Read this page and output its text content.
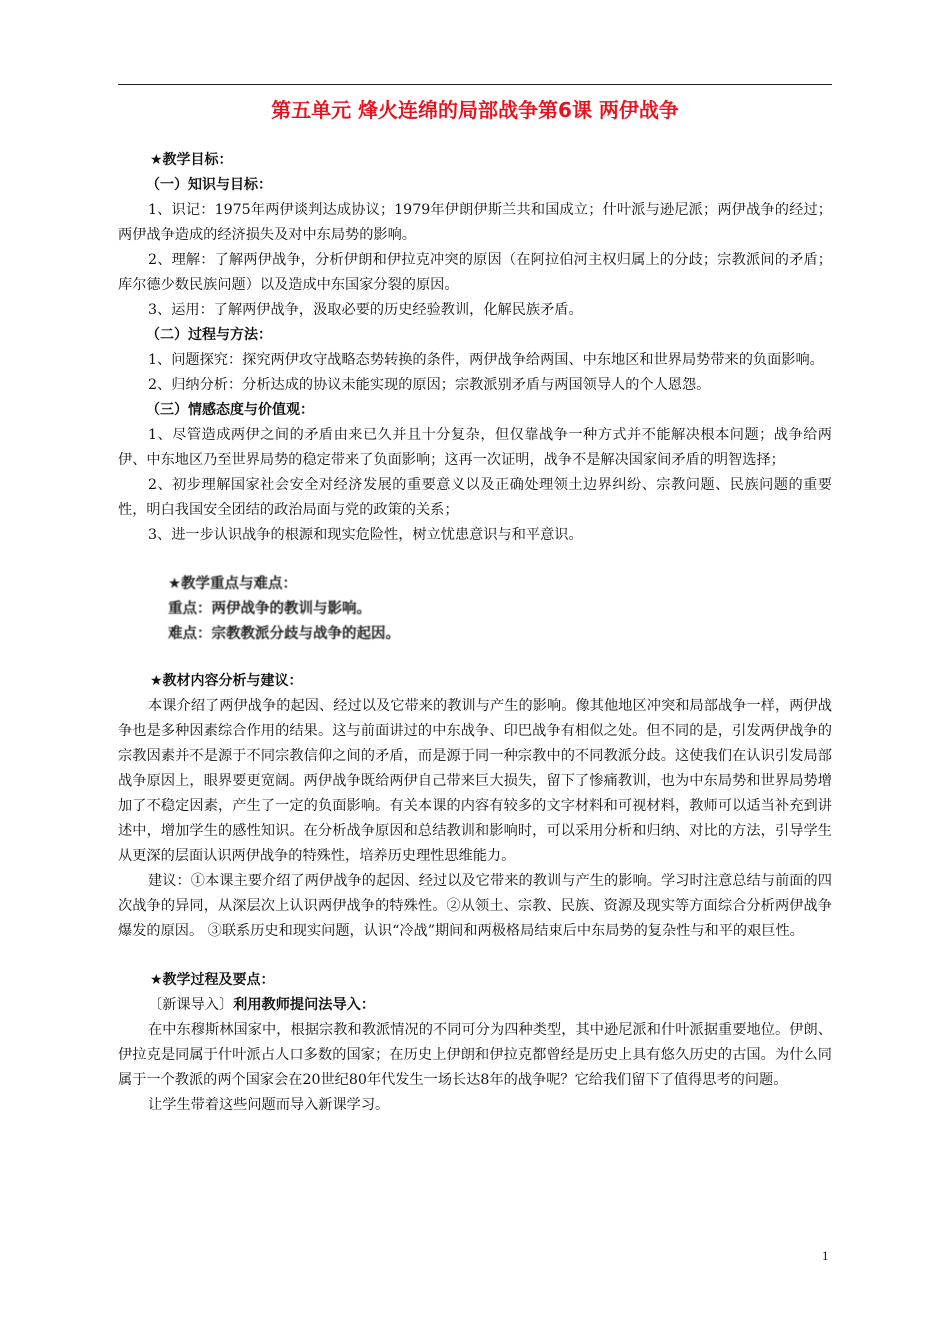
第五单元 烽火连绵的局部战争第6课 两伊战争

★教学目标：

（一）知识与目标：

1、识记：1975年两伊谈判达成协议；1979年伊朗伊斯兰共和国成立；什叶派与逊尼派；两伊战争的经过；两伊战争造成的经济损失及对中东局势的影响。

2、理解：了解两伊战争，分析伊朗和伊拉克冲突的原因（在阿拉伯河主权归属上的分歧；宗教派间的矛盾；库尔德少数民族问题）以及造成中东国家分裂的原因。

3、运用：了解两伊战争，汲取必要的历史经验教训，化解民族矛盾。

（二）过程与方法：

1、问题探究：探究两伊攻守战略态势转换的条件，两伊战争给两国、中东地区和世界局势带来的负面影响。

2、归纳分析：分析达成的协议未能实现的原因；宗教派别矛盾与两国领导人的个人恩怨。

（三）情感态度与价值观：

1、尽管造成两伊之间的矛盾由来已久并且十分复杂，但仅靠战争一种方式并不能解决根本问题；战争给两伊、中东地区乃至世界局势的稳定带来了负面影响；这再一次证明，战争不是解决国家间矛盾的明智选择；

2、初步理解国家社会安全对经济发展的重要意义以及正确处理领土边界纠纷、宗教问题、民族问题的重要性，明白我国安全团结的政治局面与党的政策的关系；

3、进一步认识战争的根源和现实危险性，树立忧患意识与和平意识。

★教学重点与难点：

重点：两伊战争的教训与影响。

难点：宗教教派分歧与战争的起因。

★教材内容分析与建议：

本课介绍了两伊战争的起因、经过以及它带来的教训与产生的影响。像其他地区冲突和局部战争一样，两伊战争也是多种因素综合作用的结果。这与前面讲过的中东战争、印巴战争有相似之处。但不同的是，引发两伊战争的宗教因素并不是源于不同宗教信仰之间的矛盾，而是源于同一种宗教中的不同教派分歧。这使我们在认识引发局部战争原因上，眼界要更宽阔。两伊战争既给两伊自己带来巨大损失，留下了惨痛教训，也为中东局势和世界局势增加了不稳定因素，产生了一定的负面影响。有关本课的内容有较多的文字材料和可视材料，教师可以适当补充到讲述中，增加学生的感性知识。在分析战争原因和总结教训和影响时，可以采用分析和归纳、对比的方法，引导学生从更深的层面认识两伊战争的特殊性，培养历史理性思维能力。

建议：①本课主要介绍了两伊战争的起因、经过以及它带来的教训与产生的影响。学习时注意总结与前面的四次战争的异同，从深层次上认识两伊战争的特殊性。②从领土、宗教、民族、资源及现实等方面综合分析两伊战争爆发的原因。 ③联系历史和现实问题，认识“冷战”期间和两极格局结束后中东局势的复杂性与和平的艰巨性。

★教学过程及要点：

〔新课导入〕利用教师提问法导入：

在中东穆斯林国家中，根据宗教和教派情况的不同可分为四种类型，其中逊尼派和什叶派据重要地位。伊朗、伊拉克是同属于什叶派占人口多数的国家；在历史上伊朗和伊拉克都曾经是历史上具有悠久历史的古国。为什么同属于一个教派的两个国家会在20世纪80年代发生一场长达8年的战争呢？它给我们留下了值得思考的问题。

让学生带着这些问题而导入新课学习。

1
